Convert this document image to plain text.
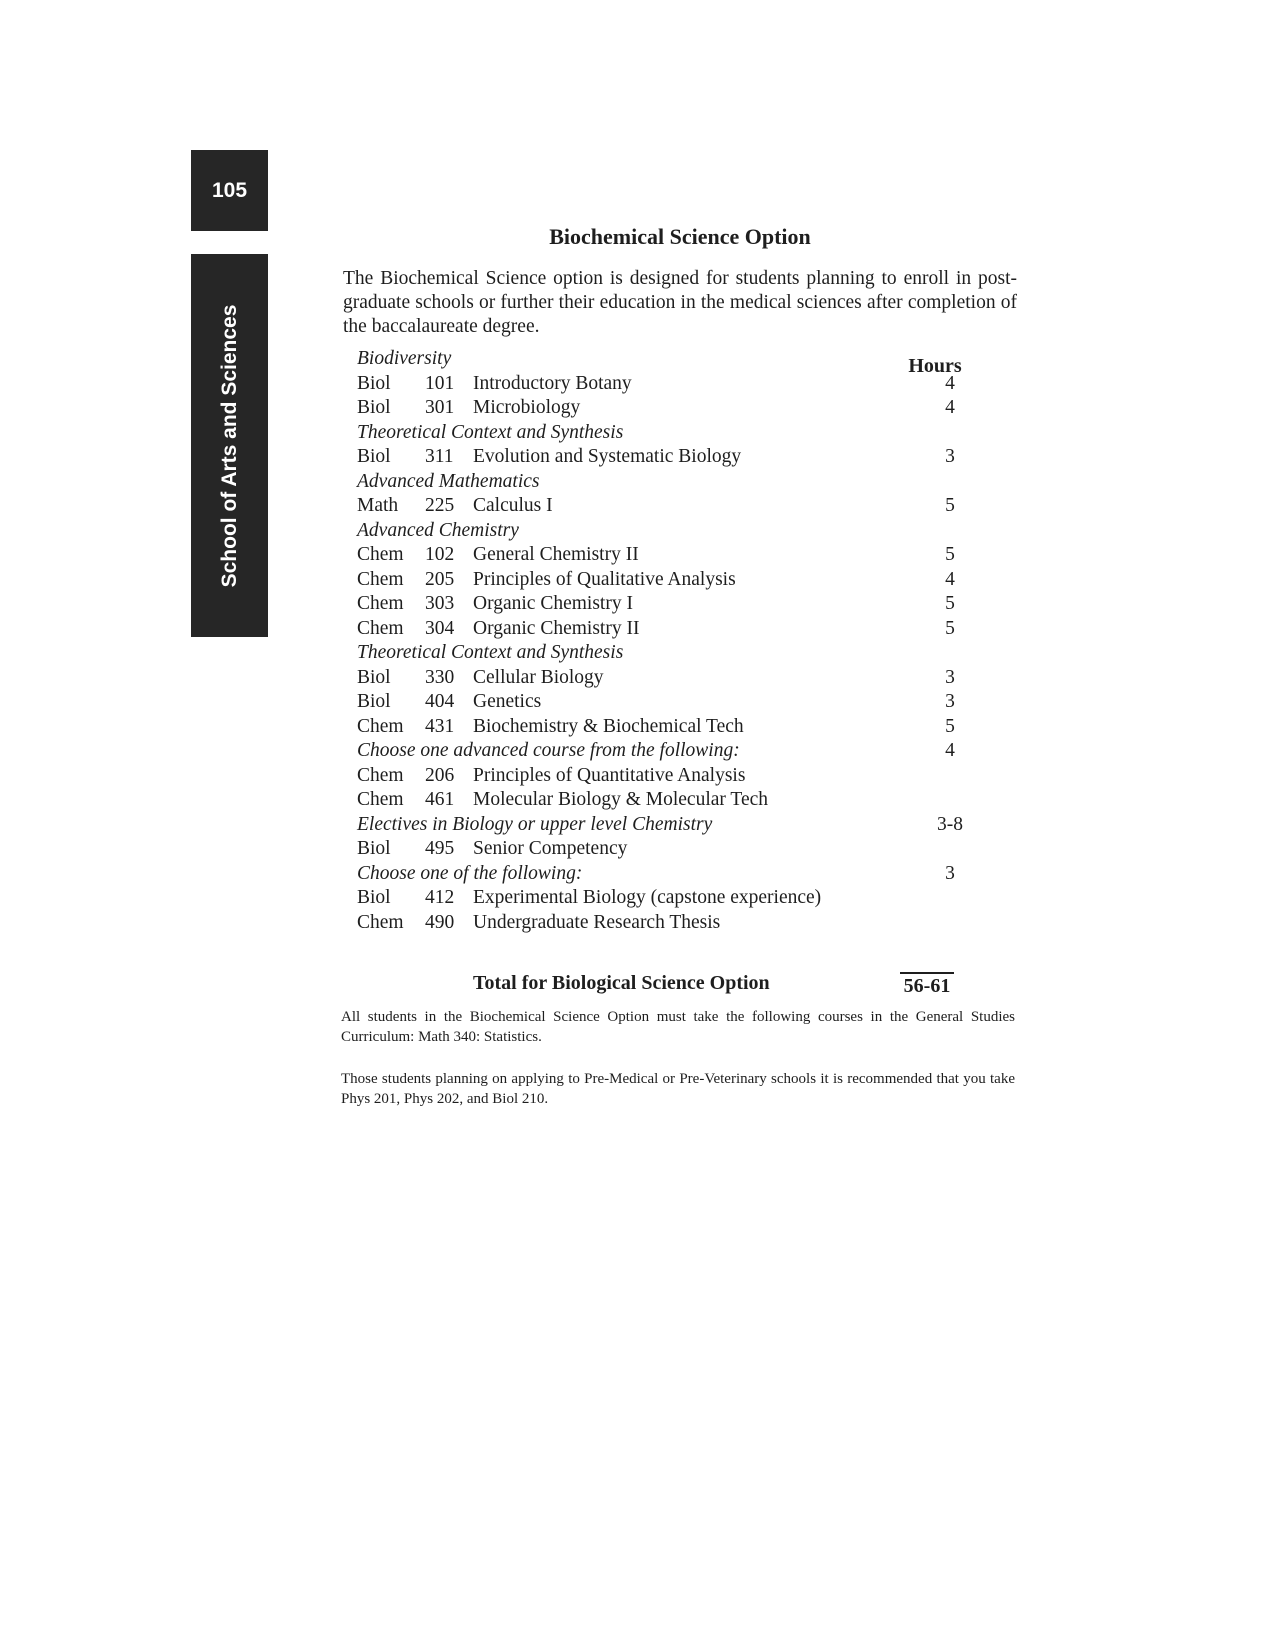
105
School of Arts and Sciences
Biochemical Science Option

The Biochemical Science option is designed for students planning to enroll in post-graduate schools or further their education in the medical sciences after completion of the baccalaureate degree.

Hours
Biodiversity
Biol 101 Introductory Botany	4
Biol 301 Microbiology	4
Theoretical Context and Synthesis
Biol 311 Evolution and Systematic Biology	3
Advanced Mathematics
Math 225 Calculus I	5
Advanced Chemistry
Chem 102 General Chemistry II	5
Chem 205 Principles of Qualitative Analysis	4
Chem 303 Organic Chemistry I	5
Chem 304 Organic Chemistry II	5
Theoretical Context and Synthesis
Biol 330 Cellular Biology	3
Biol 404 Genetics	3
Chem 431 Biochemistry & Biochemical Tech	5
Choose one advanced course from the following:	4
Chem 206 Principles of Quantitative Analysis
Chem 461 Molecular Biology & Molecular Tech
Electives in Biology or upper level Chemistry	3-8
Biol 495 Senior Competency
Choose one of the following:	3
Biol 412 Experimental Biology (capstone experience)
Chem 490 Undergraduate Research Thesis
Total for Biological Science Option	56-61

All students in the Biochemical Science Option must take the following courses in the General Studies Curriculum: Math 340: Statistics.

Those students planning on applying to Pre-Medical or Pre-Veterinary schools it is recommended that you take Phys 201, Phys 202, and Biol 210.
